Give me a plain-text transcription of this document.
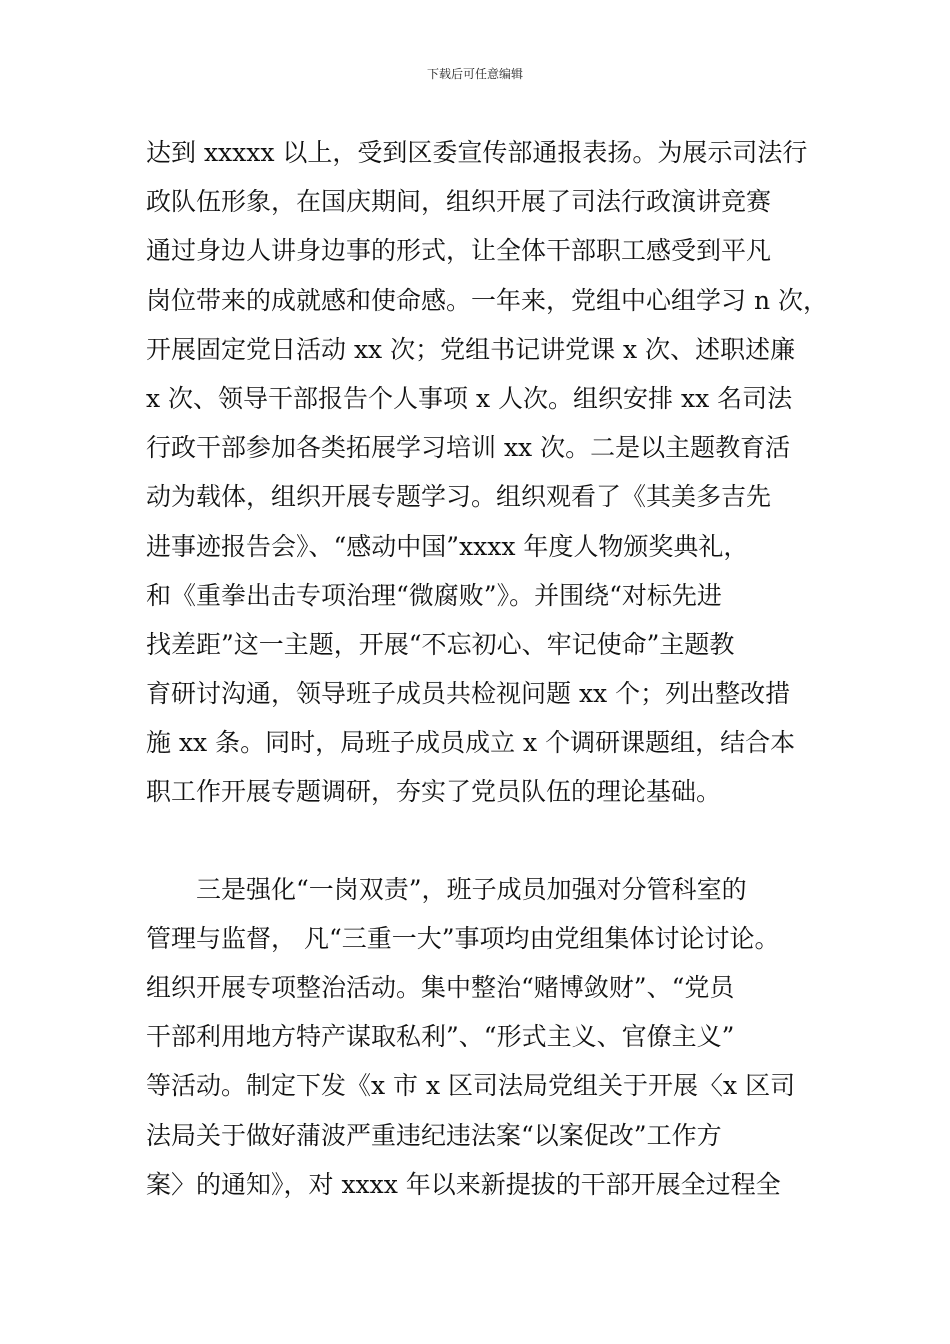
下载后可任意编辑
达到 xxxxx 以上，受到区委宣传部通报表扬。为展示司法行
政队伍形象，在国庆期间，组织开展了司法行政演讲竞赛
通过身边人讲身边事的形式，让全体干部职工感受到平凡
岗位带来的成就感和使命感。一年来，党组中心组学习 n 次，
开展固定党日活动 xx 次；党组书记讲党课 x 次、述职述廉
x 次、领导干部报告个人事项 x 人次。组织安排 xx 名司法
行政干部参加各类拓展学习培训 xx 次。二是以主题教育活
动为载体，组织开展专题学习。组织观看了《其美多吉先
进事迹报告会》、“感动中国”xxxx 年度人物颁奖典礼，
和《重拳出击专项治理“微腐败”》。并围绕“对标先进
找差距”这一主题，开展“不忘初心、牢记使命”主题教
育研讨沟通，领导班子成员共检视问题 xx 个；列出整改措
施 xx 条。同时，局班子成员成立 x 个调研课题组，结合本
职工作开展专题调研，夯实了党员队伍的理论基础。
　　三是强化“一岗双责”，班子成员加强对分管科室的
管理与监督， 凡“三重一大”事项均由党组集体讨论讨论。
组织开展专项整治活动。集中整治“赌博敛财”、“党员
干部利用地方特产谋取私利”、“形式主义、官僚主义”
等活动。制定下发《x 市 x 区司法局党组关于开展〈x 区司
法局关于做好蒲波严重违纪违法案“以案促改”工作方
案〉的通知》，对 xxxx 年以来新提拔的干部开展全过程全
